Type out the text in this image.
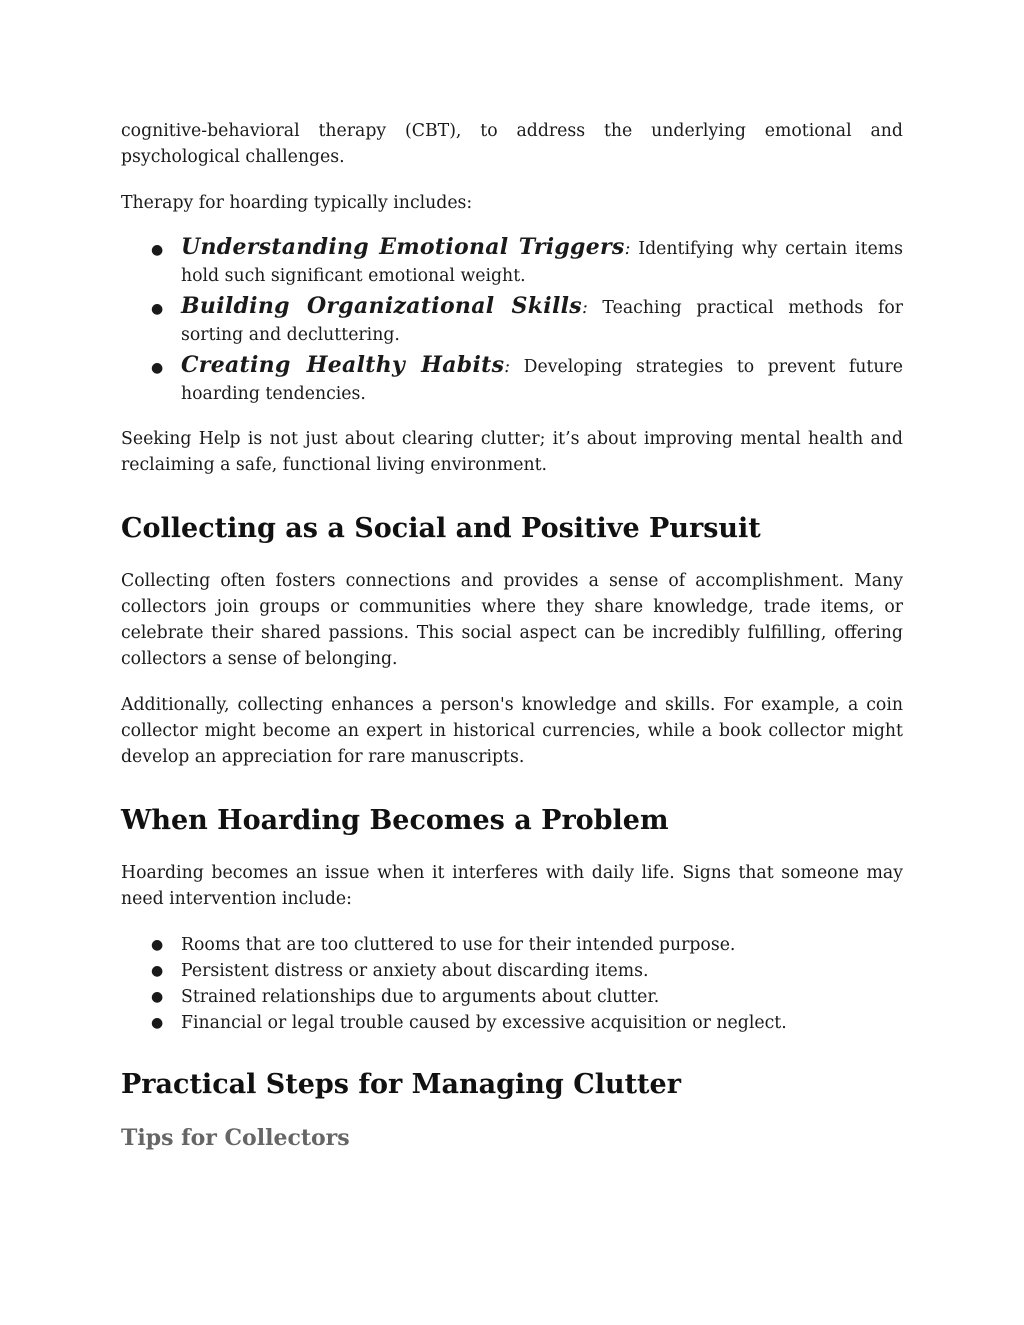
cognitive-behavioral therapy (CBT), to address the underlying emotional and psychological challenges.

Therapy for hoarding typically includes:

● Understanding Emotional Triggers: Identifying why certain items hold such significant emotional weight.
● Building Organizational Skills: Teaching practical methods for sorting and decluttering.
● Creating Healthy Habits: Developing strategies to prevent future hoarding tendencies.

Seeking Help is not just about clearing clutter; it’s about improving mental health and reclaiming a safe, functional living environment.

Collecting as a Social and Positive Pursuit

Collecting often fosters connections and provides a sense of accomplishment. Many collectors join groups or communities where they share knowledge, trade items, or celebrate their shared passions. This social aspect can be incredibly fulfilling, offering collectors a sense of belonging.

Additionally, collecting enhances a person's knowledge and skills. For example, a coin collector might become an expert in historical currencies, while a book collector might develop an appreciation for rare manuscripts.

When Hoarding Becomes a Problem

Hoarding becomes an issue when it interferes with daily life. Signs that someone may need intervention include:

●	Rooms that are too cluttered to use for their intended purpose.
●	Persistent distress or anxiety about discarding items.
●	Strained relationships due to arguments about clutter.
●	Financial or legal trouble caused by excessive acquisition or neglect.
Practical Steps for Managing Clutter
Tips for Collectors
